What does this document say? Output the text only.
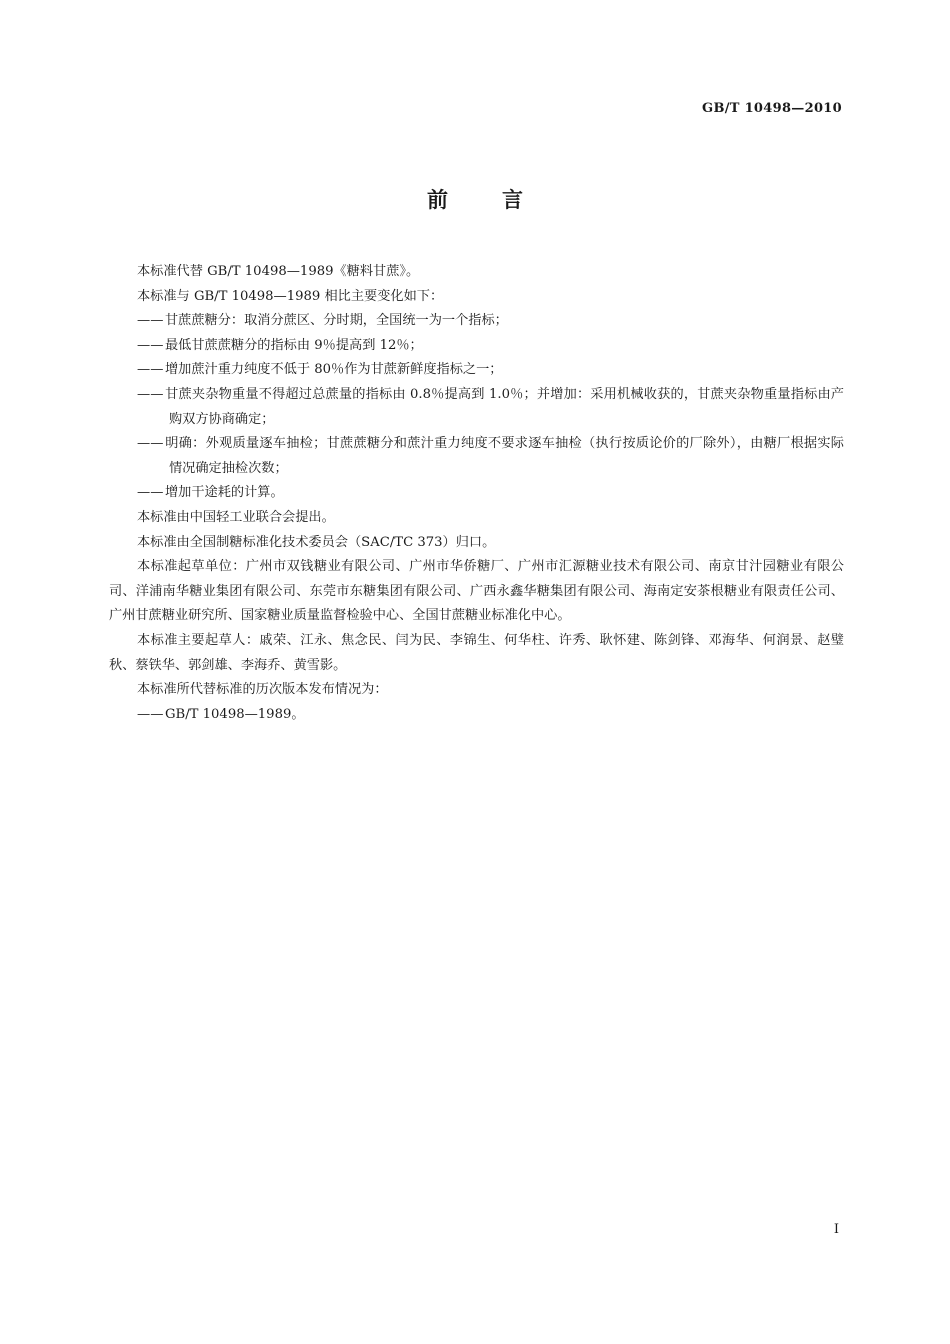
GB/T 10498—2010
前	言

本标准代替 GB/T 10498—1989《糖料甘蔗》。

本标准与 GB/T 10498—1989 相比主要变化如下：

—— 甘蔗蔗糖分：取消分蔗区、分时期，全国统一为一个指标；

—— 最低甘蔗蔗糖分的指标由 9％提高到 12％；

—— 增加蔗汁重力纯度不低于 80％作为甘蔗新鲜度指标之一；

—— 甘蔗夹杂物重量不得超过总蔗量的指标由 0.8％提高到 1.0％；并增加：采用机械收获的，甘蔗夹杂物重量指标由产购双方协商确定；

—— 明确：外观质量逐车抽检；甘蔗蔗糖分和蔗汁重力纯度不要求逐车抽检（执行按质论价的厂除外），由糖厂根据实际情况确定抽检次数；

—— 增加干途耗的计算。

本标准由中国轻工业联合会提出。

本标准由全国制糖标准化技术委员会（SAC/TC 373）归口。

本标准起草单位：广州市双钱糖业有限公司、广州市华侨糖厂、广州市汇源糖业技术有限公司、南京甘汁园糖业有限公司、洋浦南华糖业集团有限公司、东莞市东糖集团有限公司、广西永鑫华糖集团有限公司、海南定安茶根糖业有限责任公司、广州甘蔗糖业研究所、国家糖业质量监督检验中心、全国甘蔗糖业标准化中心。

本标准主要起草人：戚荣、江永、焦念民、闫为民、李锦生、何华柱、许秀、耿怀建、陈剑锋、邓海华、何润景、赵璧秋、蔡铁华、郭剑雄、李海乔、黄雪影。

本标准所代替标准的历次版本发布情况为：

—— GB/T 10498—1989。

I
